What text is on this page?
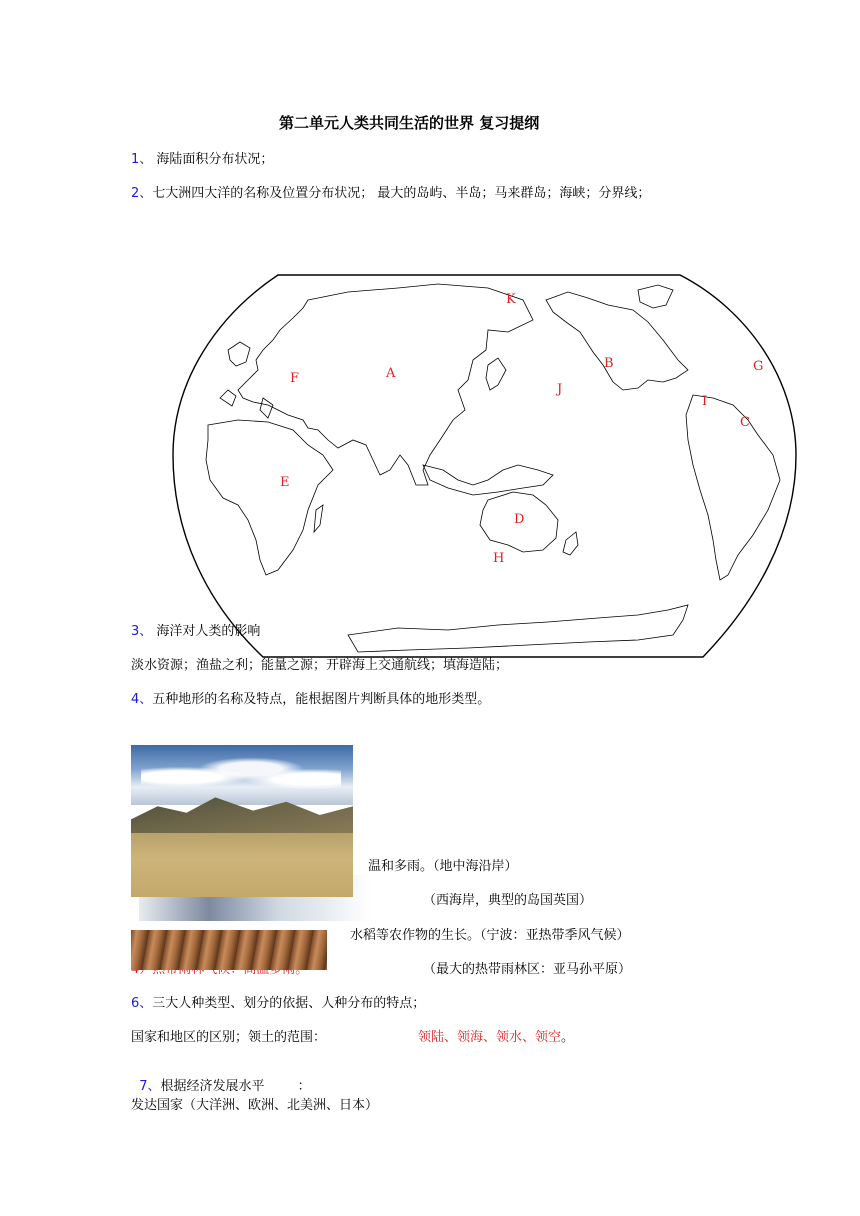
第二单元人类共同生活的世界 复习提纲
1、 海陆面积分布状况；
2、七大洲四大洋的名称及位置分布状况； 最大的岛屿、半岛；马来群岛；海峡；分界线；
K
B	G
F	A
J
I
C
E
D
H
3、 海洋对人类的影响
淡水资源；渔盐之利；能量之源；开辟海上交通航线；填海造陆；
4、五种地形的名称及特点，能根据图片判断具体的地形类型。
温和多雨。（地中海沿岸）
（西海岸，典型的岛国英国）
水稻等农作物的生长。（宁波：亚热带季风气候）
（最大的热带雨林区：亚马孙平原）
6、三大人种类型、划分的依据、人种分布的特点；
国家和地区的区别；领土的范围：	领陆、领海、领水、领空。

7、根据经济发展水平        ：

发达国家（大洋洲、欧洲、北美洲、日本）
